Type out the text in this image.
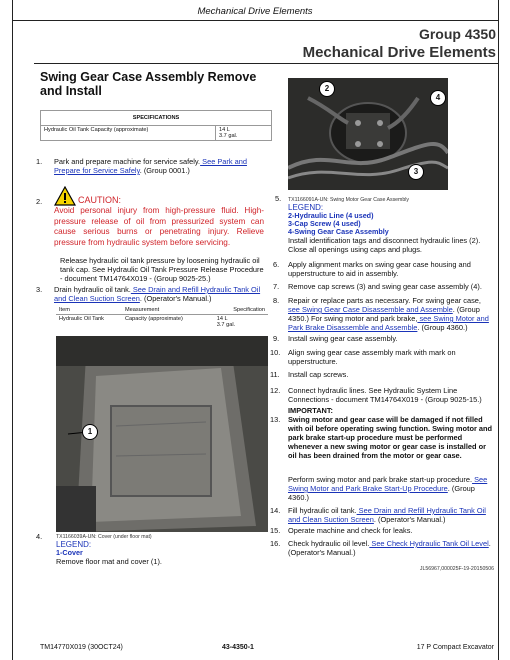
Mechanical Drive Elements
Group 4350
Mechanical Drive Elements
Swing Gear Case Assembly Remove and Install
SPECIFICATIONS
Hydraulic Oil Tank Capacity (approximate)	14 L
3.7 gal.
1. Park and prepare machine for service safely. See Park and Prepare for Service Safely. (Group 0001.)
2.	CAUTION:
Avoid personal injury from high-pressure fluid. High-pressure release of oil from pressurized system can cause serious burns or penetrating injury. Relieve pressure from hydraulic system before servicing.
Release hydraulic oil tank pressure by loosening hydraulic oil tank cap. See Hydraulic Oil Tank Pressure Release Procedure - document TM14764X019 - (Group 9025-25.)
3. Drain hydraulic oil tank. See Drain and Refill Hydraulic Tank Oil and Clean Suction Screen. (Operator's Manual.)
Item	Measurement	Specification
Hydraulic Oil Tank	Capacity (approximate)	14 L
3.7 gal.
1
4.	TX1166039A-UN: Cover (under floor mat)
LEGEND:
1-Cover
Remove floor mat and cover (1).
2
4
3
5. TX1166091A-UN: Swing Motor Gear Case Assembly
LEGEND:
2-Hydraulic Line (4 used)
3-Cap Screw (4 used)
4-Swing Gear Case Assembly
Install identification tags and disconnect hydraulic lines (2). Close all openings using caps and plugs.
6. Apply alignment marks on swing gear case housing and upperstructure to aid in assembly.
7. Remove cap screws (3) and swing gear case assembly (4).
8. Repair or replace parts as necessary. For swing gear case, see Swing Gear Case Disassemble and Assemble. (Group 4350.) For swing motor and park brake, see Swing Motor and Park Brake Disassemble and Assemble. (Group 4360.)
9. Install swing gear case assembly.
10. Align swing gear case assembly mark with mark on upperstructure.
11. Install cap screws.
12. Connect hydraulic lines. See Hydraulic System Line Connections - document TM14764X019 - (Group 9025-15.)
IMPORTANT:
13. Swing motor and gear case will be damaged if not filled with oil before operating swing function. Swing motor and park brake start-up procedure must be performed whenever a new swing motor or gear case is installed or oil has been drained from the motor or gear case.
Perform swing motor and park brake start-up procedure. See Swing Motor and Park Brake Start-Up Procedure. (Group 4360.)
14. Fill hydraulic oil tank. See Drain and Refill Hydraulic Tank Oil and Clean Suction Screen. (Operator's Manual.)
15. Operate machine and check for leaks.
16. Check hydraulic oil level. See Check Hydraulic Tank Oil Level. (Operator's Manual.)
JL56967,000025F-19-20150506
TM14770X019 (30OCT24)	43-4350-1	17 P Compact Excavator
